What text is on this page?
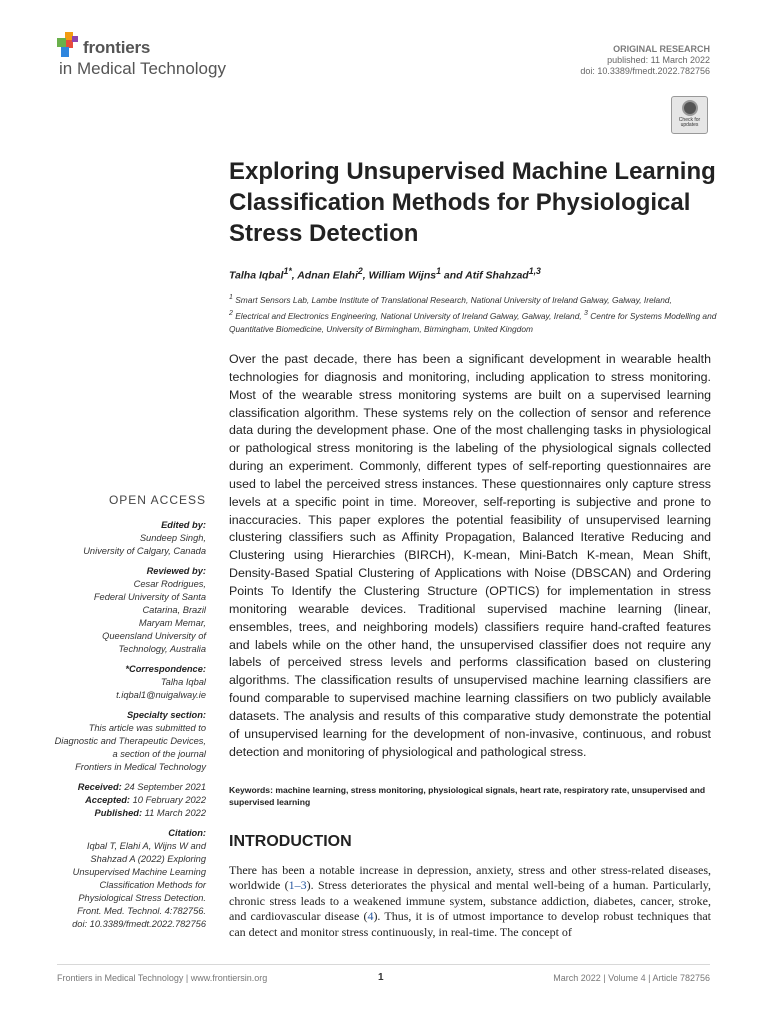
frontiers
in Medical Technology
ORIGINAL RESEARCH
published: 11 March 2022
doi: 10.3389/fmedt.2022.782756
Check for
updates
Exploring Unsupervised Machine Learning Classification Methods for Physiological Stress Detection
Talha Iqbal$^{1*}$, Adnan Elahi$^2$, William Wijns$^1$ and Atif Shahzad$^{1,3}$
$^1$ Smart Sensors Lab, Lambe Institute of Translational Research, National University of Ireland Galway, Galway, Ireland,
$^2$ Electrical and Electronics Engineering, National University of Ireland Galway, Galway, Ireland, $^3$ Centre for Systems Modelling and Quantitative Biomedicine, University of Birmingham, Birmingham, United Kingdom
Over the past decade, there has been a significant development in wearable health technologies for diagnosis and monitoring, including application to stress monitoring. Most of the wearable stress monitoring systems are built on a supervised learning classification algorithm. These systems rely on the collection of sensor and reference data during the development phase. One of the most challenging tasks in physiological or pathological stress monitoring is the labeling of the physiological signals collected during an experiment. Commonly, different types of self-reporting questionnaires are used to label the perceived stress instances. These questionnaires only capture stress levels at a specific point in time. Moreover, self-reporting is subjective and prone to inaccuracies. This paper explores the potential feasibility of unsupervised learning clustering classifiers such as Affinity Propagation, Balanced Iterative Reducing and Clustering using Hierarchies (BIRCH), K-mean, Mini-Batch K-mean, Mean Shift, Density-Based Spatial Clustering of Applications with Noise (DBSCAN) and Ordering Points To Identify the Clustering Structure (OPTICS) for implementation in stress monitoring wearable devices. Traditional supervised machine learning (linear, ensembles, trees, and neighboring models) classifiers require hand-crafted features and labels while on the other hand, the unsupervised classifier does not require any labels of perceived stress levels and performs classification based on clustering algorithms. The classification results of unsupervised machine learning classifiers are found comparable to supervised machine learning classifiers on two publicly available datasets. The analysis and results of this comparative study demonstrate the potential of unsupervised learning for the development of non-invasive, continuous, and robust detection and monitoring of physiological and pathological stress.
Keywords: machine learning, stress monitoring, physiological signals, heart rate, respiratory rate, unsupervised and supervised learning
INTRODUCTION
There has been a notable increase in depression, anxiety, stress and other stress-related diseases, worldwide (1–3). Stress deteriorates the physical and mental well-being of a human. Particularly, chronic stress leads to a weakened immune system, substance addiction, diabetes, cancer, stroke, and cardiovascular disease (4). Thus, it is of utmost importance to develop robust techniques that can detect and monitor stress continuously, in real-time. The concept of
OPEN ACCESS
Edited by:
Sundeep Singh,
University of Calgary, Canada
Reviewed by:
Cesar Rodrigues,
Federal University of Santa
Catarina, Brazil
Maryam Memar,
Queensland University of
Technology, Australia
*Correspondence:
Talha Iqbal
t.iqbal1@nuigalway.ie
Specialty section:
This article was submitted to
Diagnostic and Therapeutic Devices,
a section of the journal
Frontiers in Medical Technology
Received: 24 September 2021
Accepted: 10 February 2022
Published: 11 March 2022
Citation:
Iqbal T, Elahi A, Wijns W and
Shahzad A (2022) Exploring
Unsupervised Machine Learning
Classification Methods for
Physiological Stress Detection.
Front. Med. Technol. 4:782756.
doi: 10.3389/fmedt.2022.782756
Frontiers in Medical Technology | www.frontiersin.org	1	March 2022 | Volume 4 | Article 782756
